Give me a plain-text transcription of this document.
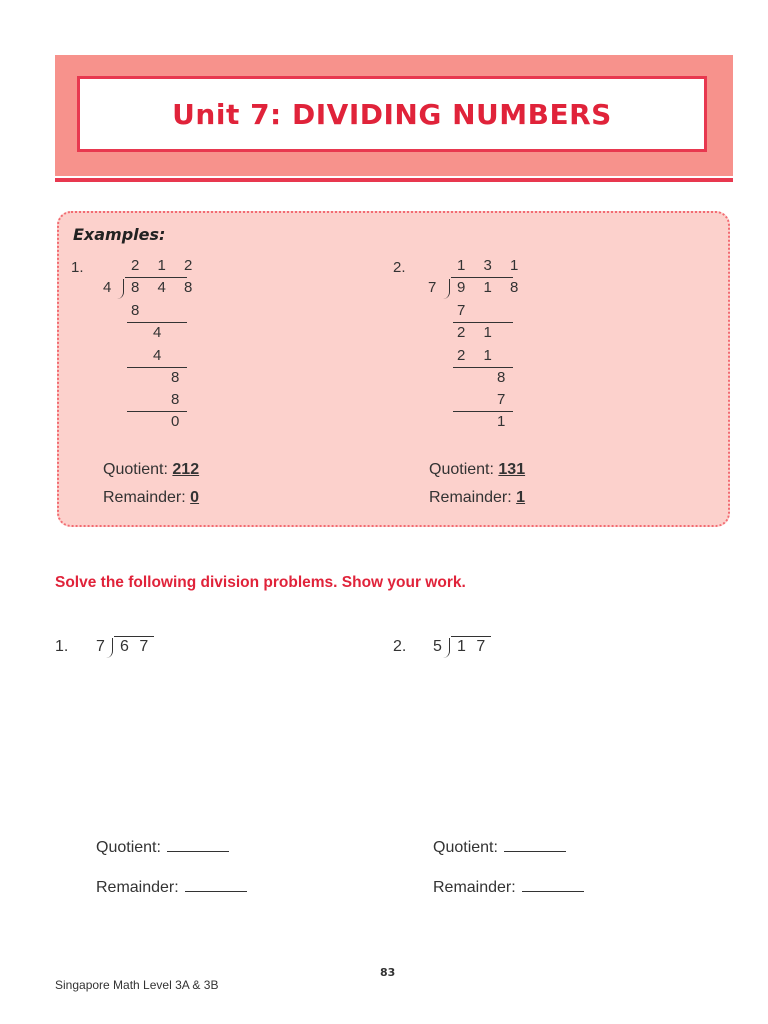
Unit 7: DIVIDING NUMBERS
Examples:
1.	2 1 2
4 8 4 8
8
4
4
8
8
0
Quotient: 212
Remainder: 0
2.	1 3 1
7 9 1 8
7
2 1
2 1
8
7
1
Quotient: 131
Remainder: 1
Solve the following division problems. Show your work.
1. 7 6 7	2. 5 1 7
Quotient:
Remainder:
Quotient:
Remainder:
83
Singapore Math Level 3A & 3B
